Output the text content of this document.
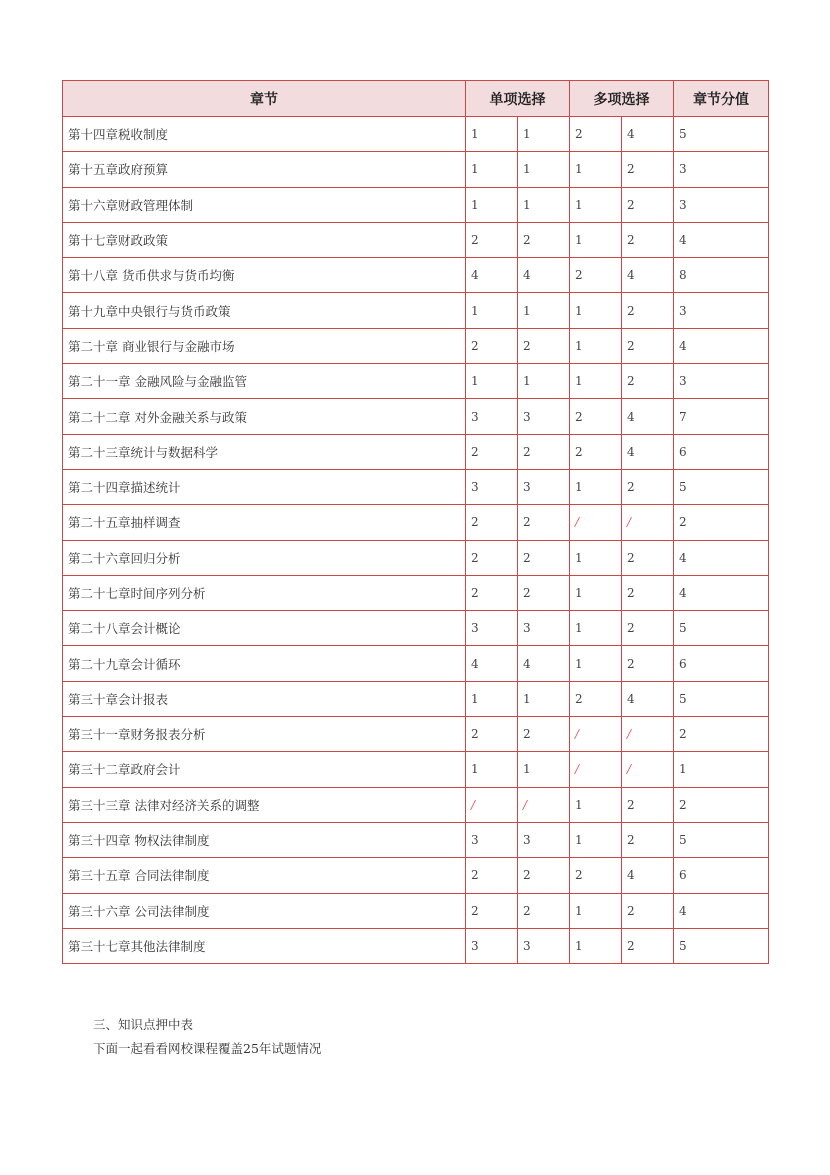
章节	单项选择		多项选择		章节分值
第十四章税收制度	1	1	2	4	5
第十五章政府预算	1	1	1	2	3
第十六章财政管理体制	1	1	1	2	3
第十七章财政政策	2	2	1	2	4
第十八章 货币供求与货币均衡	4	4	2	4	8
第十九章中央银行与货币政策	1	1	1	2	3
第二十章 商业银行与金融市场	2	2	1	2	4
第二十一章 金融风险与金融监管	1	1	1	2	3
第二十二章 对外金融关系与政策	3	3	2	4	7
第二十三章统计与数据科学	2	2	2	4	6
第二十四章描述统计	3	3	1	2	5
第二十五章抽样调查	2	2	/	/	2
第二十六章回归分析	2	2	1	2	4
第二十七章时间序列分析	2	2	1	2	4
第二十八章会计概论	3	3	1	2	5
第二十九章会计循环	4	4	1	2	6
第三十章会计报表	1	1	2	4	5
第三十一章财务报表分析	2	2	/	/	2
第三十二章政府会计	1	1	/	/	1
第三十三章 法律对经济关系的调整	/	/	1	2	2
第三十四章 物权法律制度	3	3	1	2	5
第三十五章 合同法律制度	2	2	2	4	6
第三十六章 公司法律制度	2	2	1	2	4
第三十七章其他法律制度	3	3	1	2	5
三、知识点押中表
下面一起看看网校课程覆盖25年试题情况
